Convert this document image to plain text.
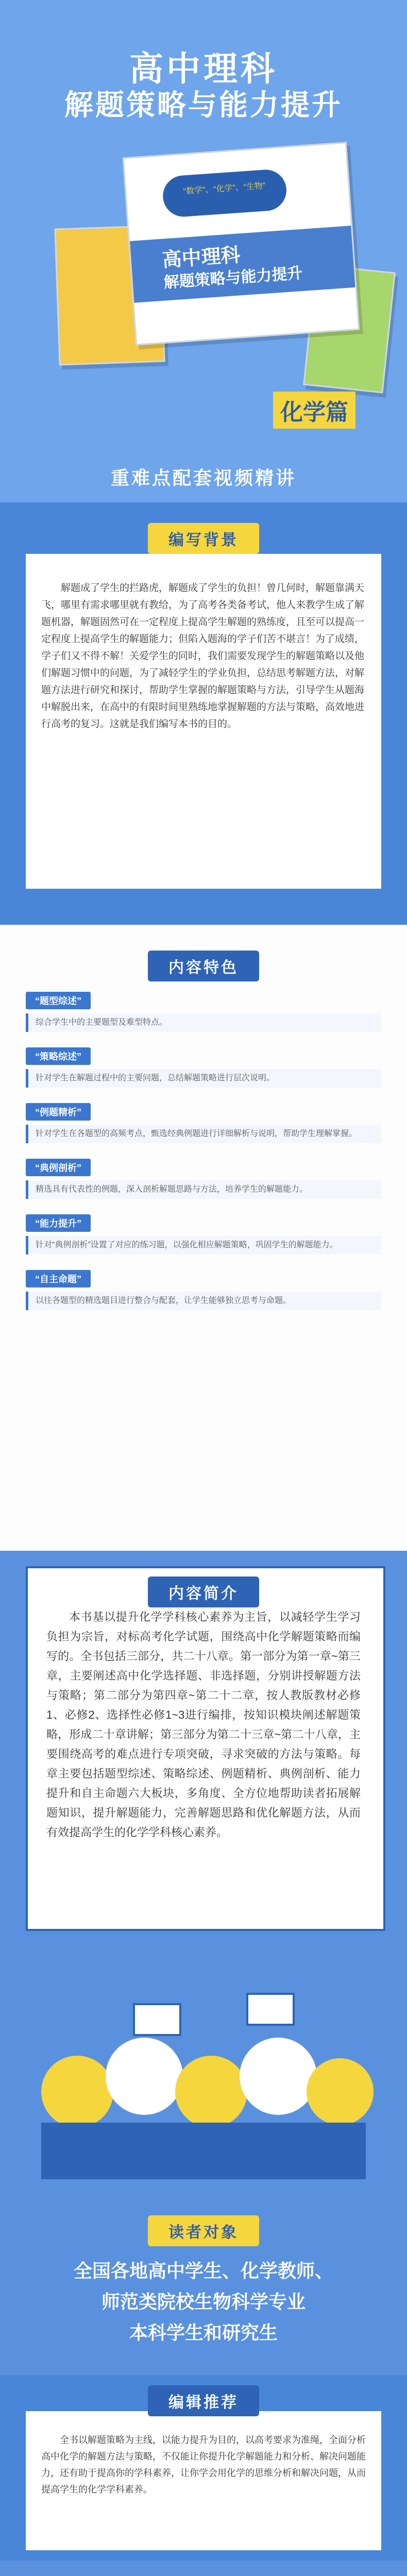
高中理科
解题策略与能力提升
“数学”、“化学”、“生物”
高中理科
解题策略与能力提升
化学篇
重难点配套视频精讲
编写背景
解题成了学生的拦路虎，解题成了学生的负担！曾几何时，解题靠满天飞，哪里有需求哪里就有教给，为了高考各类备考试，他人来教学生成了解题机器，解题固然可在一定程度上提高学生解题的熟练度，且至可以提高一定程度上提高学生的解题能力；但陷入题海的学子们苦不堪言！为了成绩，学子们又不得不解！关爱学生的同时，我们需要发现学生的解题策略以及他们解题习惯中的问题，为了减轻学生的学业负担，总结思考解题方法，对解题方法进行研究和探讨，帮助学生掌握的解题策略与方法，引导学生从题海中解脱出来，在高中的有限时间里熟练地掌握解题的方法与策略，高效地进行高考的复习。这就是我们编写本书的目的。
内容特色
“题型综述”
综合学生中的主要题型及难型特点。
“策略综述”
针对学生在解题过程中的主要问题，总结解题策略进行层次说明。
“例题精析”
针对学生在各题型的高频考点，甄选经典例题进行详细解析与说明，帮助学生理解掌握。
“典例剖析”
精选具有代表性的例题，深入剖析解题思路与方法，培养学生的解题能力。
“能力提升”
针对“典例剖析”设置了对应的练习题，以强化相应解题策略，巩固学生的解题能力。
“自主命题”
以往各题型的精选题目进行整合与配套，让学生能够独立思考与命题。
内容简介
本书基以提升化学学科核心素养为主旨，以减轻学生学习负担为宗旨，对标高考化学试题，围绕高中化学解题策略而编写的。全书包括三部分，共二十八章。第一部分为第一章~第三章，主要阐述高中化学选择题、非选择题，分别讲授解题方法与策略；第二部分为第四章~第二十二章，按人教版教材必修1、必修2、选择性必修1~3进行编排，按知识模块阐述解题策略，形成二十章讲解；第三部分为第二十三章~第二十八章，主要围绕高考的难点进行专项突破，寻求突破的方法与策略。每章主要包括题型综述、策略综述、例题精析、典例剖析、能力提升和自主命题六大板块，多角度、全方位地帮助读者拓展解题知识，提升解题能力，完善解题思路和优化解题方法，从而有效提高学生的化学学科核心素养。
读者对象
全国各地高中学生、化学教师、
师范类院校生物科学专业
本科学生和研究生
编辑推荐
全书以解题策略为主线，以能力提升为目的，以高考要求为准绳，全面分析高中化学的解题方法与策略，不仅能让你提升化学解题能力和分析、解决问题能力，还有助于提高你的学科素养，让你学会用化学的思维分析和解决问题，从而提高学生的化学学科素养。
